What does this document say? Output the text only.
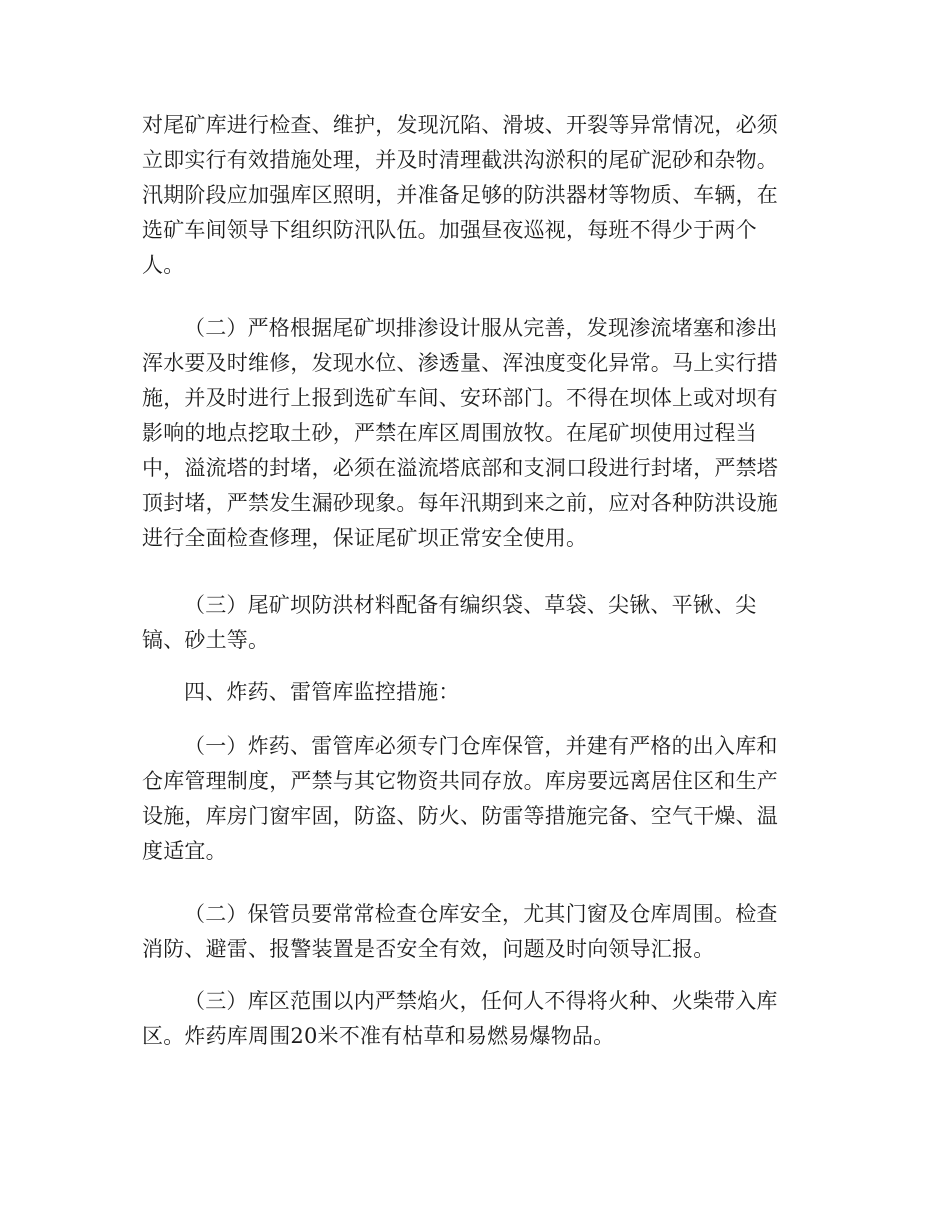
对尾矿库进行检查、维护，发现沉陷、滑坡、开裂等异常情况，必须
立即实行有效措施处理，并及时清理截洪沟淤积的尾矿泥砂和杂物。
汛期阶段应加强库区照明，并准备足够的防洪器材等物质、车辆，在
选矿车间领导下组织防汛队伍。加强昼夜巡视，每班不得少于两个
人。
（二）严格根据尾矿坝排渗设计服从完善，发现渗流堵塞和渗出
浑水要及时维修，发现水位、渗透量、浑浊度变化异常。马上实行措
施，并及时进行上报到选矿车间、安环部门。不得在坝体上或对坝有
影响的地点挖取土砂，严禁在库区周围放牧。在尾矿坝使用过程当
中，溢流塔的封堵，必须在溢流塔底部和支洞口段进行封堵，严禁塔
顶封堵，严禁发生漏砂现象。每年汛期到来之前，应对各种防洪设施
进行全面检查修理，保证尾矿坝正常安全使用。
（三）尾矿坝防洪材料配备有编织袋、草袋、尖锹、平锹、尖
镐、砂土等。
四、炸药、雷管库监控措施：
（一）炸药、雷管库必须专门仓库保管，并建有严格的出入库和
仓库管理制度，严禁与其它物资共同存放。库房要远离居住区和生产
设施，库房门窗牢固，防盗、防火、防雷等措施完备、空气干燥、温
度适宜。
（二）保管员要常常检查仓库安全，尤其门窗及仓库周围。检查
消防、避雷、报警装置是否安全有效，问题及时向领导汇报。
（三）库区范围以内严禁焰火，任何人不得将火种、火柴带入库
区。炸药库周围20米不准有枯草和易燃易爆物品。
